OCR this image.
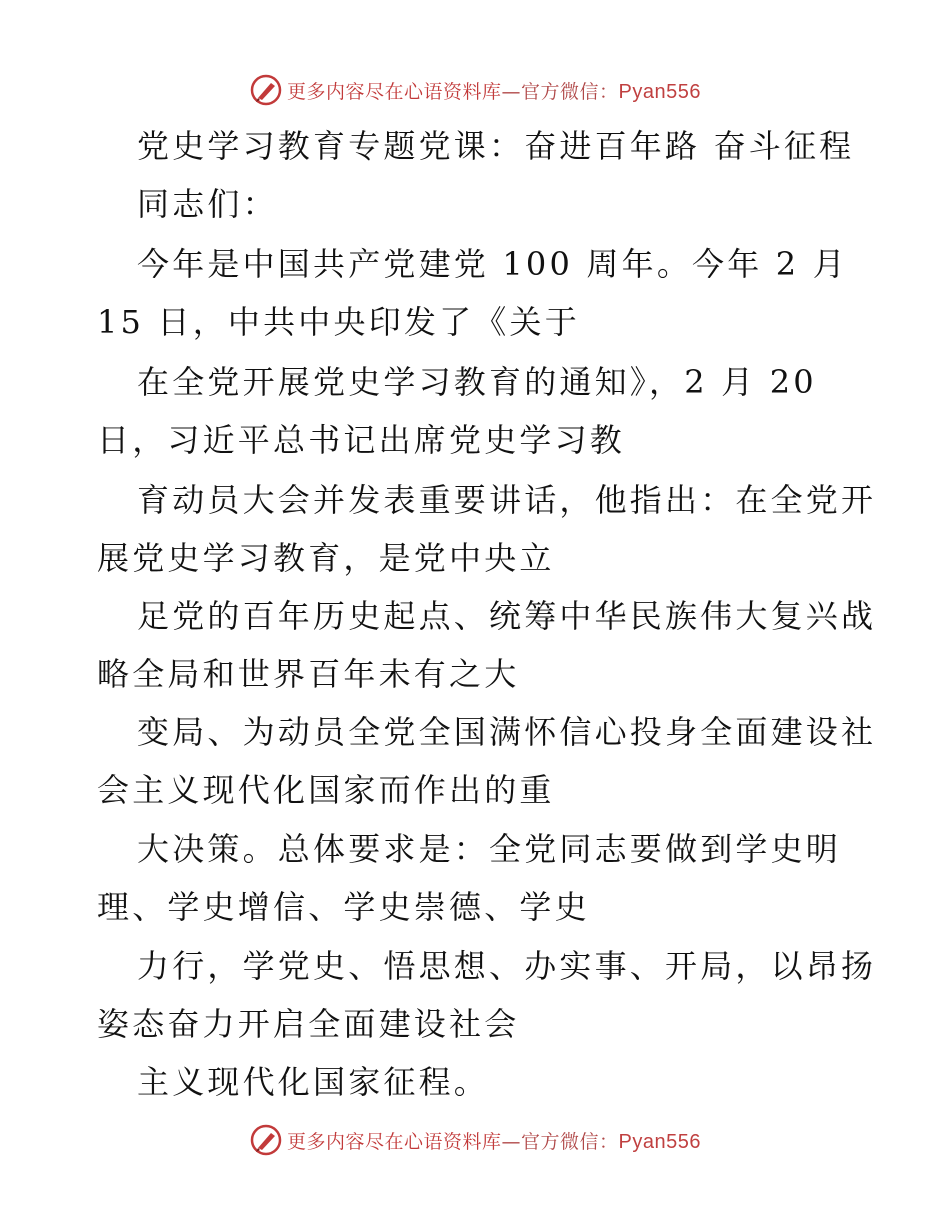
更多内容尽在心语资料库—官方微信：Pyan556
党史学习教育专题党课：奋进百年路 奋斗征程
同志们：
今年是中国共产党建党 100 周年。今年 2 月
15 日，中共中央印发了《关于
在全党开展党史学习教育的通知》，2 月 20
日，习近平总书记出席党史学习教
育动员大会并发表重要讲话，他指出：在全党开
展党史学习教育，是党中央立
足党的百年历史起点、统筹中华民族伟大复兴战
略全局和世界百年未有之大
变局、为动员全党全国满怀信心投身全面建设社
会主义现代化国家而作出的重
大决策。总体要求是：全党同志要做到学史明
理、学史增信、学史崇德、学史
力行，学党史、悟思想、办实事、开局，以昂扬
姿态奋力开启全面建设社会
主义现代化国家征程。
更多内容尽在心语资料库—官方微信：Pyan556
